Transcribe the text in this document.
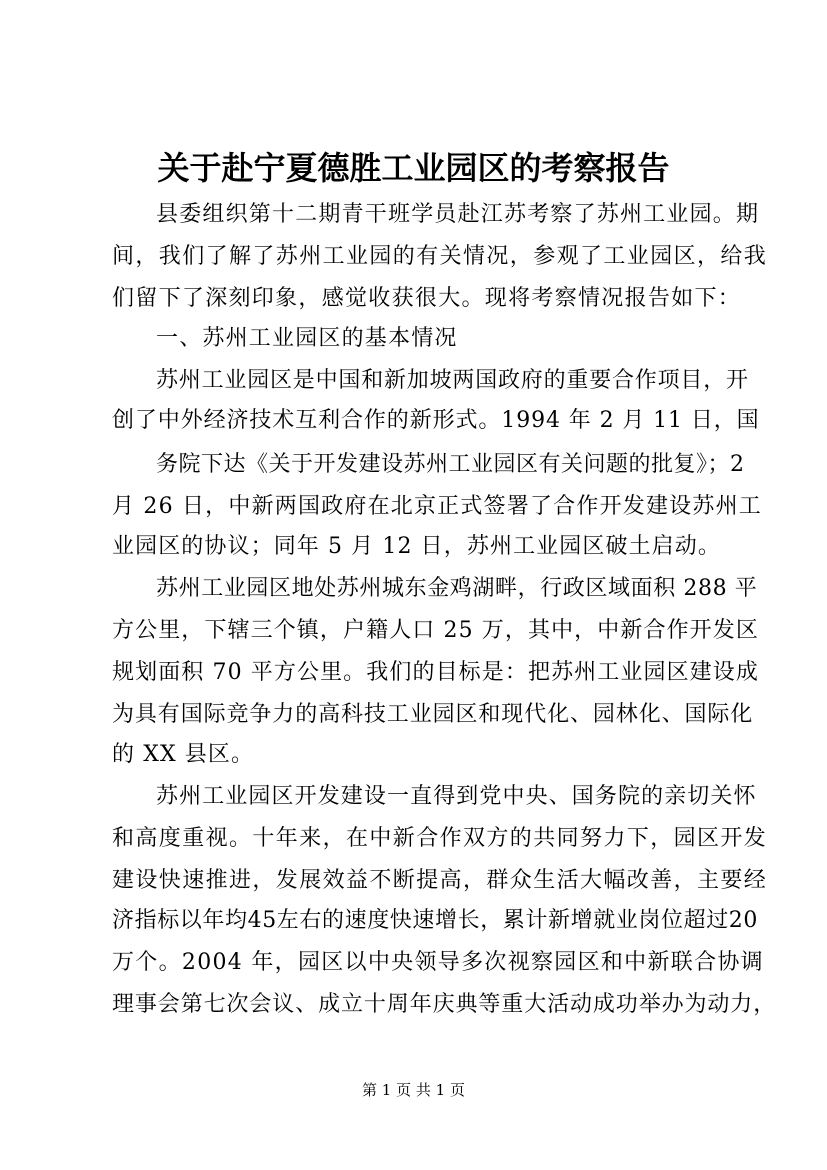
关于赴宁夏德胜工业园区的考察报告
县委组织第十二期青干班学员赴江苏考察了苏州工业园。期
间，我们了解了苏州工业园的有关情况，参观了工业园区，给我
们留下了深刻印象，感觉收获很大。现将考察情况报告如下：
一、苏州工业园区的基本情况
苏州工业园区是中国和新加坡两国政府的重要合作项目，开
创了中外经济技术互利合作的新形式。1994 年 2 月 11 日，国
务院下达《关于开发建设苏州工业园区有关问题的批复》；2
月 26 日，中新两国政府在北京正式签署了合作开发建设苏州工
业园区的协议；同年 5 月 12 日，苏州工业园区破土启动。
苏州工业园区地处苏州城东金鸡湖畔，行政区域面积 288 平
方公里，下辖三个镇，户籍人口 25 万，其中，中新合作开发区
规划面积 70 平方公里。我们的目标是：把苏州工业园区建设成
为具有国际竞争力的高科技工业园区和现代化、园林化、国际化
的 XX 县区。
苏州工业园区开发建设一直得到党中央、国务院的亲切关怀
和高度重视。十年来，在中新合作双方的共同努力下，园区开发
建设快速推进，发展效益不断提高，群众生活大幅改善，主要经
济指标以年均45左右的速度快速增长，累计新增就业岗位超过20
万个。2004 年，园区以中央领导多次视察园区和中新联合协调
理事会第七次会议、成立十周年庆典等重大活动成功举办为动力，
第 1 页 共 1 页
